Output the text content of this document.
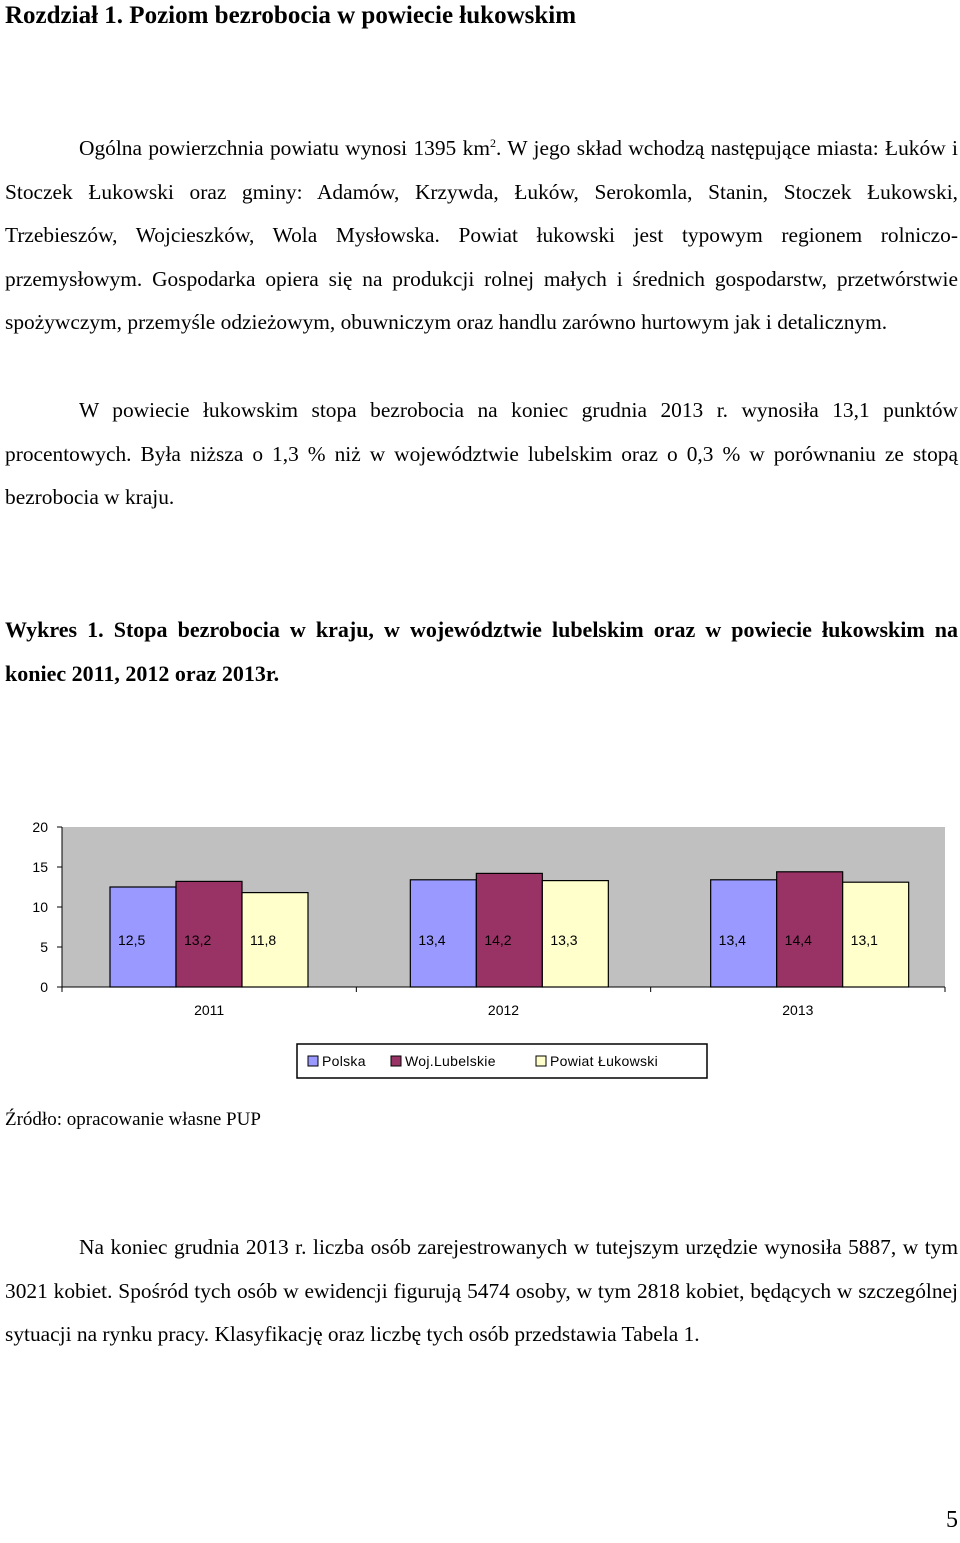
Rozdział 1. Poziom bezrobocia w powiecie łukowskim

Ogólna powierzchnia powiatu wynosi 1395 $km^2$. W jego skład wchodzą następujące miasta: Łuków i Stoczek Łukowski oraz gminy: Adamów, Krzywda, Łuków, Serokomla, Stanin, Stoczek Łukowski, Trzebieszów, Wojcieszków, Wola Mysłowska. Powiat łukowski jest typowym regionem rolniczo-przemysłowym. Gospodarka opiera się na produkcji rolnej małych i średnich gospodarstw, przetwórstwie spożywczym, przemyśle odzieżowym, obuwniczym oraz handlu zarówno hurtowym jak i detalicznym.

W powiecie łukowskim stopa bezrobocia na koniec grudnia 2013 r. wynosiła 13,1 punktów procentowych. Była niższa o 1,3 % niż w województwie lubelskim oraz o 0,3 % w porównaniu ze stopą bezrobocia w kraju.

Wykres 1. Stopa bezrobocia w kraju, w województwie lubelskim oraz w powiecie łukowskim na koniec 2011, 2012 oraz 2013r.

0
5
10
15
20
12,5	13,2	11,8
2011
13,4	14,2	13,3
2012
13,4	14,4	13,1
2013
Polska	Woj.Lubelskie	Powiat Łukowski

Źródło: opracowanie własne PUP

Na koniec grudnia 2013 r. liczba osób zarejestrowanych w tutejszym urzędzie wynosiła 5887, w tym 3021 kobiet. Spośród tych osób w ewidencji figurują 5474 osoby, w tym 2818 kobiet, będących w szczególnej sytuacji na rynku pracy. Klasyfikację oraz liczbę tych osób przedstawia Tabela 1.

5
